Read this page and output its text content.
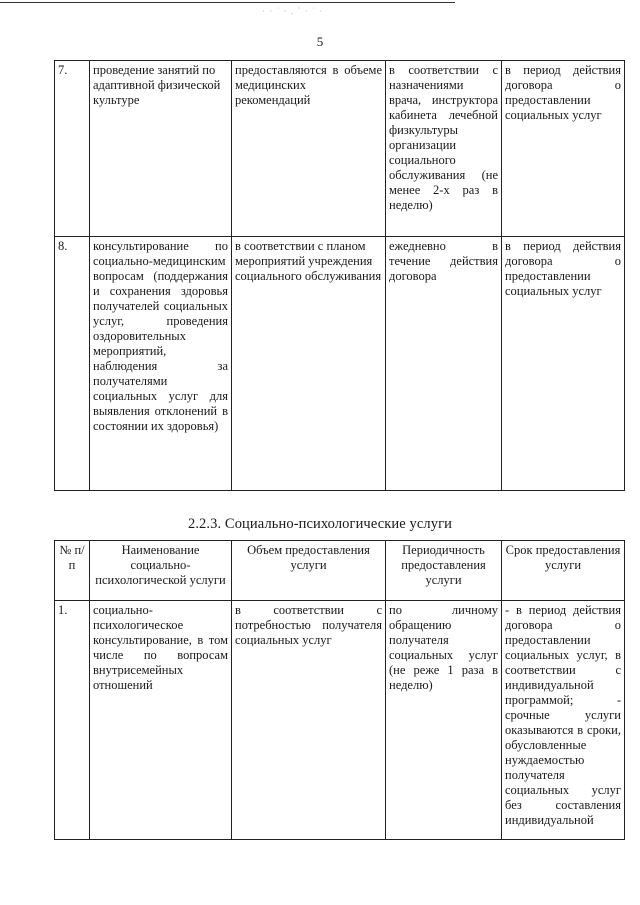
· · ˙ · . ` · ˙ ·
5
7.	проведение занятий по адаптивной физической культуре	предоставляются в объеме медицинских рекомендаций	в соответствии с назначениями врача, инструктора кабинета лечебной физкультуры организации социального обслуживания (не менее 2-х раз в неделю)	в период действия договора о предоставлении социальных услуг
8.	консультирование по социально-медицинским вопросам (поддержания и сохранения здоровья получателей социальных услуг, проведения оздоровительных мероприятий, наблюдения за получателями социальных услуг для выявления отклонений в состоянии их здоровья)	в соответствии с планом мероприятий учреждения социального обслуживания	ежедневно в течение действия договора	в период действия договора о предоставлении социальных услуг
2.2.3. Социально-психологические услуги
№ п/п	Наименование социально-психологической услуги	Объем предоставления услуги	Периодичность предоставления услуги	Срок предоставления услуги
1.	социально-психологическое консультирование, в том числе по вопросам внутрисемейных отношений	в соответствии с потребностью получателя социальных услуг	по личному обращению получателя социальных услуг (не реже 1 раза в неделю)	- в период действия договора о предоставлении социальных услуг, в соответствии с индивидуальной программой; - срочные услуги оказываются в сроки, обусловленные нуждаемостью получателя социальных услуг без составления индивидуальной
